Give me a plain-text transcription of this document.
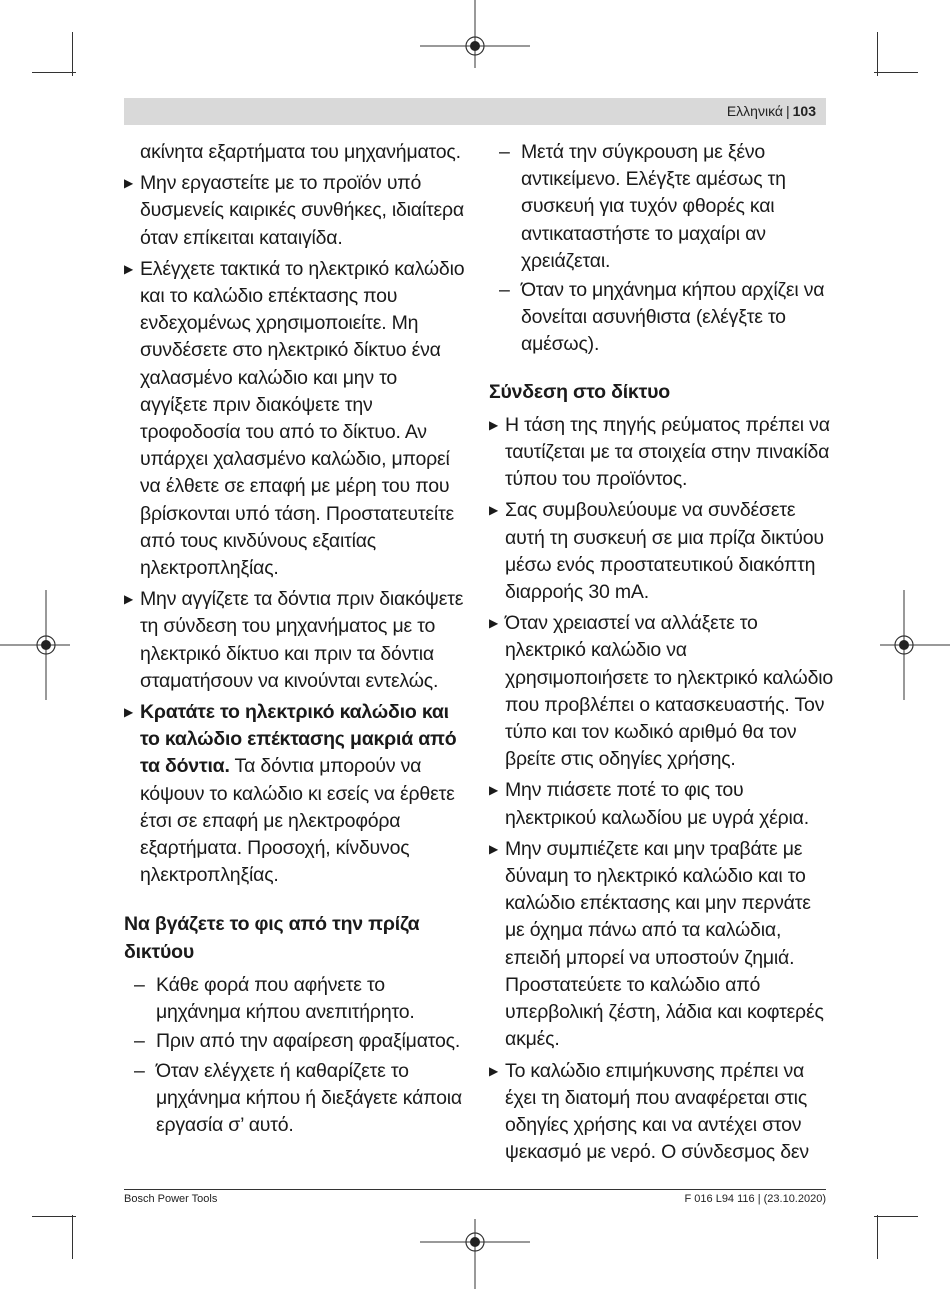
Ελληνικά | 103

ακίνητα εξαρτήματα του μηχανήματος.

▶ Μην εργαστείτε με το προϊόν υπό δυσμενείς καιρικές συνθήκες, ιδιαίτερα όταν επίκειται καταιγίδα.
▶ Ελέγχετε τακτικά το ηλεκτρικό καλώδιο και το καλώδιο επέκτασης που ενδεχομένως χρησιμοποιείτε. Μη συνδέσετε στο ηλεκτρικό δίκτυο ένα χαλασμένο καλώδιο και μην το αγγίξετε πριν διακόψετε την τροφοδοσία του από το δίκτυο. Αν υπάρχει χαλασμένο καλώδιο, μπορεί να έλθετε σε επαφή με μέρη του που βρίσκονται υπό τάση. Προστατευτείτε από τους κινδύνους εξαιτίας ηλεκτροπληξίας.
▶ Μην αγγίζετε τα δόντια πριν διακόψετε τη σύνδεση του μηχανήματος με το ηλεκτρικό δίκτυο και πριν τα δόντια σταματήσουν να κινούνται εντελώς.
▶ Κρατάτε το ηλεκτρικό καλώδιο και το καλώδιο επέκτασης μακριά από τα δόντια. Τα δόντια μπορούν να κόψουν το καλώδιο κι εσείς να έρθετε έτσι σε επαφή με ηλεκτροφόρα εξαρτήματα. Προσοχή, κίνδυνος ηλεκτροπληξίας.
Να βγάζετε το φις από την πρίζα δικτύου
– Κάθε φορά που αφήνετε το μηχάνημα κήπου ανεπιτήρητο.
– Πριν από την αφαίρεση φραξίματος.
– Όταν ελέγχετε ή καθαρίζετε το μηχάνημα κήπου ή διεξάγετε κάποια εργασία σ’ αυτό.
– Μετά την σύγκρουση με ξένο αντικείμενο. Ελέγξτε αμέσως τη συσκευή για τυχόν φθορές και αντικαταστήστε το μαχαίρι αν χρειάζεται.
– Όταν το μηχάνημα κήπου αρχίζει να δονείται ασυνήθιστα (ελέγξτε το αμέσως).
Σύνδεση στο δίκτυο
▶ Η τάση της πηγής ρεύματος πρέπει να ταυτίζεται με τα στοιχεία στην πινακίδα τύπου του προϊόντος.
▶ Σας συμβουλεύουμε να συνδέσετε αυτή τη συσκευή σε μια πρίζα δικτύου μέσω ενός προστατευτικού διακόπτη διαρροής 30 mA.
▶ Όταν χρειαστεί να αλλάξετε το ηλεκτρικό καλώδιο να χρησιμοποιήσετε το ηλεκτρικό καλώδιο που προβλέπει ο κατασκευαστής. Τον τύπο και τον κωδικό αριθμό θα τον βρείτε στις οδηγίες χρήσης.
▶ Μην πιάσετε ποτέ το φις του ηλεκτρικού καλωδίου με υγρά χέρια.
▶ Μην συμπιέζετε και μην τραβάτε με δύναμη το ηλεκτρικό καλώδιο και το καλώδιο επέκτασης και μην περνάτε με όχημα πάνω από τα καλώδια, επειδή μπορεί να υποστούν ζημιά. Προστατεύετε το καλώδιο από υπερβολική ζέστη, λάδια και κοφτερές ακμές.
▶ Το καλώδιο επιμήκυνσης πρέπει να έχει τη διατομή που αναφέρεται στις οδηγίες χρήσης και να αντέχει στον ψεκασμό με νερό. Ο σύνδεσμος δεν
Bosch Power Tools	F 016 L94 116 | (23.10.2020)
